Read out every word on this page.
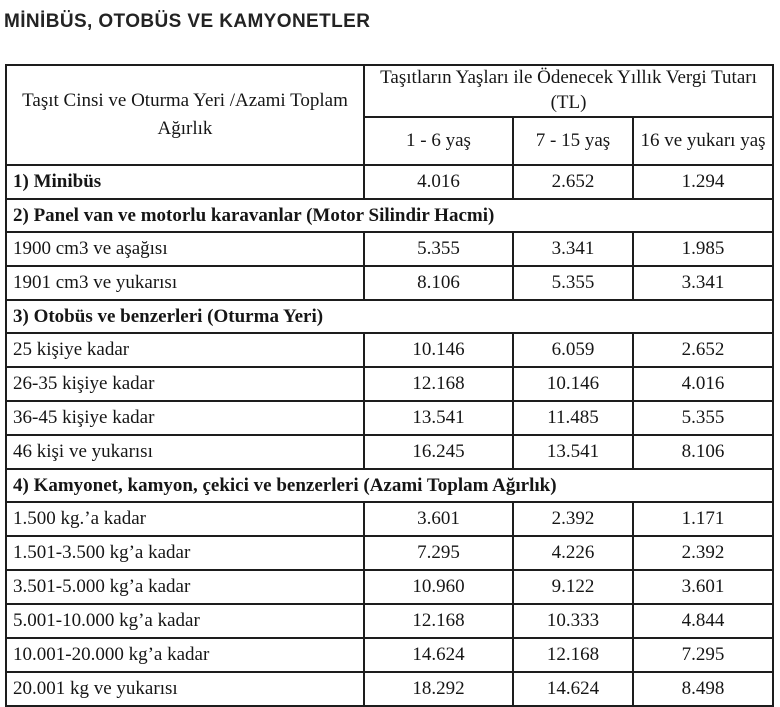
MİNİBÜS, OTOBÜS VE KAMYONETLER
Taşıt Cinsi ve Oturma Yeri /Azami Toplam Ağırlık	Taşıtların Yaşları ile Ödenecek Yıllık Vergi Tutarı (TL)		
	1 - 6 yaş	7 - 15 yaş	16 ve yukarı yaş
1) Minibüs	4.016	2.652	1.294
2) Panel van ve motorlu karavanlar (Motor Silindir Hacmi)			
1900 cm3 ve aşağısı	5.355	3.341	1.985
1901 cm3 ve yukarısı	8.106	5.355	3.341
3) Otobüs ve benzerleri (Oturma Yeri)			
25 kişiye kadar	10.146	6.059	2.652
26-35 kişiye kadar	12.168	10.146	4.016
36-45 kişiye kadar	13.541	11.485	5.355
46 kişi ve yukarısı	16.245	13.541	8.106
4) Kamyonet, kamyon, çekici ve benzerleri (Azami Toplam Ağırlık)			
1.500 kg.’a kadar	3.601	2.392	1.171
1.501-3.500 kg’a kadar	7.295	4.226	2.392
3.501-5.000 kg’a kadar	10.960	9.122	3.601
5.001-10.000 kg’a kadar	12.168	10.333	4.844
10.001-20.000 kg’a kadar	14.624	12.168	7.295
20.001 kg ve yukarısı	18.292	14.624	8.498
